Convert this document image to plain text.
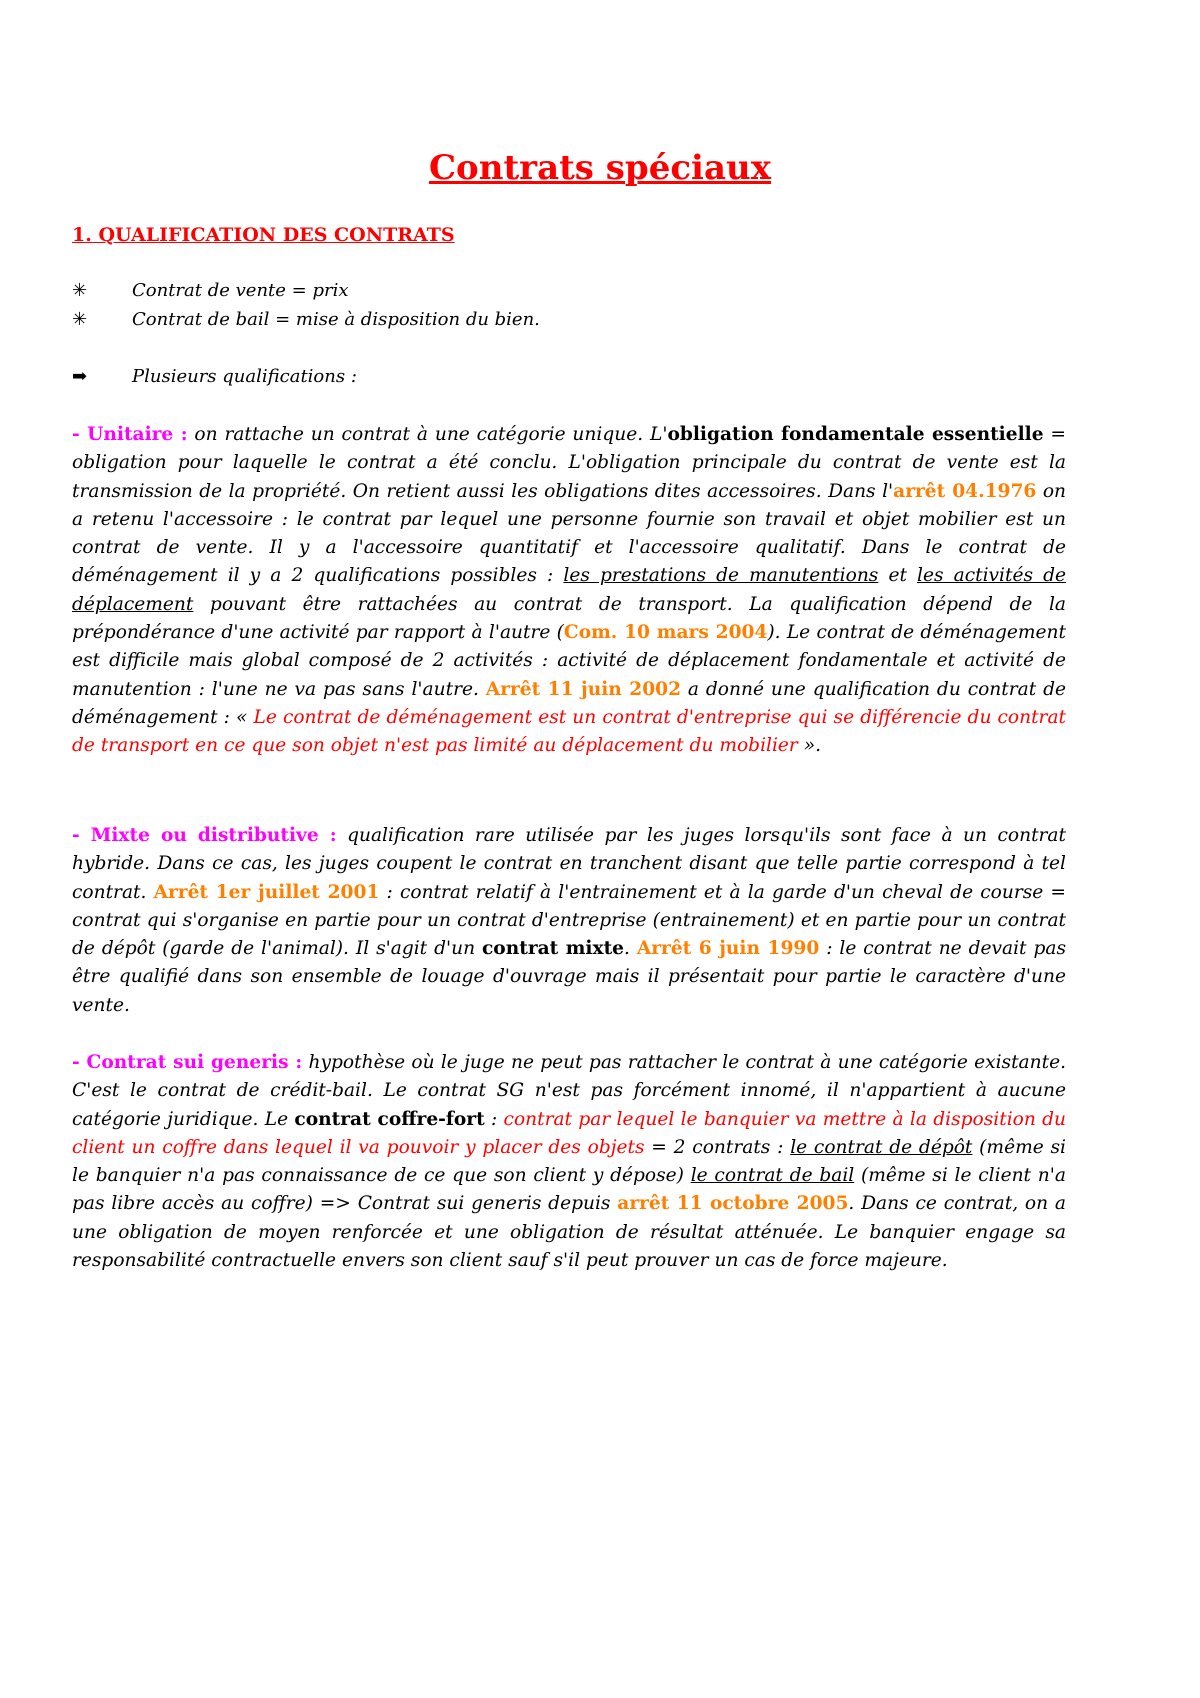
Contrats spéciaux
1. QUALIFICATION DES CONTRATS
✳	Contrat de vente = prix
✳	Contrat de bail = mise à disposition du bien.
➡	Plusieurs qualifications :

- Unitaire : on rattache un contrat à une catégorie unique. L'obligation fondamentale essentielle = obligation pour laquelle le contrat a été conclu. L'obligation principale du contrat de vente est la transmission de la propriété. On retient aussi les obligations dites accessoires. Dans l'arrêt 04.1976 on a retenu l'accessoire : le contrat par lequel une personne fournie son travail et objet mobilier est un contrat de vente. Il y a l'accessoire quantitatif et l'accessoire qualitatif. Dans le contrat de déménagement il y a 2 qualifications possibles : les prestations de manutentions et les activités de déplacement pouvant être rattachées au contrat de transport. La qualification dépend de la prépondérance d'une activité par rapport à l'autre (Com. 10 mars 2004). Le contrat de déménagement est difficile mais global composé de 2 activités : activité de déplacement fondamentale et activité de manutention : l'une ne va pas sans l'autre. Arrêt 11 juin 2002 a donné une qualification du contrat de déménagement : « Le contrat de déménagement est un contrat d'entreprise qui se différencie du contrat de transport en ce que son objet n'est pas limité au déplacement du mobilier ».

- Mixte ou distributive : qualification rare utilisée par les juges lorsqu'ils sont face à un contrat hybride. Dans ce cas, les juges coupent le contrat en tranchent disant que telle partie correspond à tel contrat. Arrêt 1er juillet 2001 : contrat relatif à l'entrainement et à la garde d'un cheval de course = contrat qui s'organise en partie pour un contrat d'entreprise (entrainement) et en partie pour un contrat de dépôt (garde de l'animal). Il s'agit d'un contrat mixte. Arrêt 6 juin 1990 : le contrat ne devait pas être qualifié dans son ensemble de louage d'ouvrage mais il présentait pour partie le caractère d'une vente.

- Contrat sui generis : hypothèse où le juge ne peut pas rattacher le contrat à une catégorie existante. C'est le contrat de crédit-bail. Le contrat SG n'est pas forcément innomé, il n'appartient à aucune catégorie juridique. Le contrat coffre-fort : contrat par lequel le banquier va mettre à la disposition du client un coffre dans lequel il va pouvoir y placer des objets = 2 contrats : le contrat de dépôt (même si le banquier n'a pas connaissance de ce que son client y dépose) le contrat de bail (même si le client n'a pas libre accès au coffre) => Contrat sui generis depuis arrêt 11 octobre 2005. Dans ce contrat, on a une obligation de moyen renforcée et une obligation de résultat atténuée. Le banquier engage sa responsabilité contractuelle envers son client sauf s'il peut prouver un cas de force majeure.
